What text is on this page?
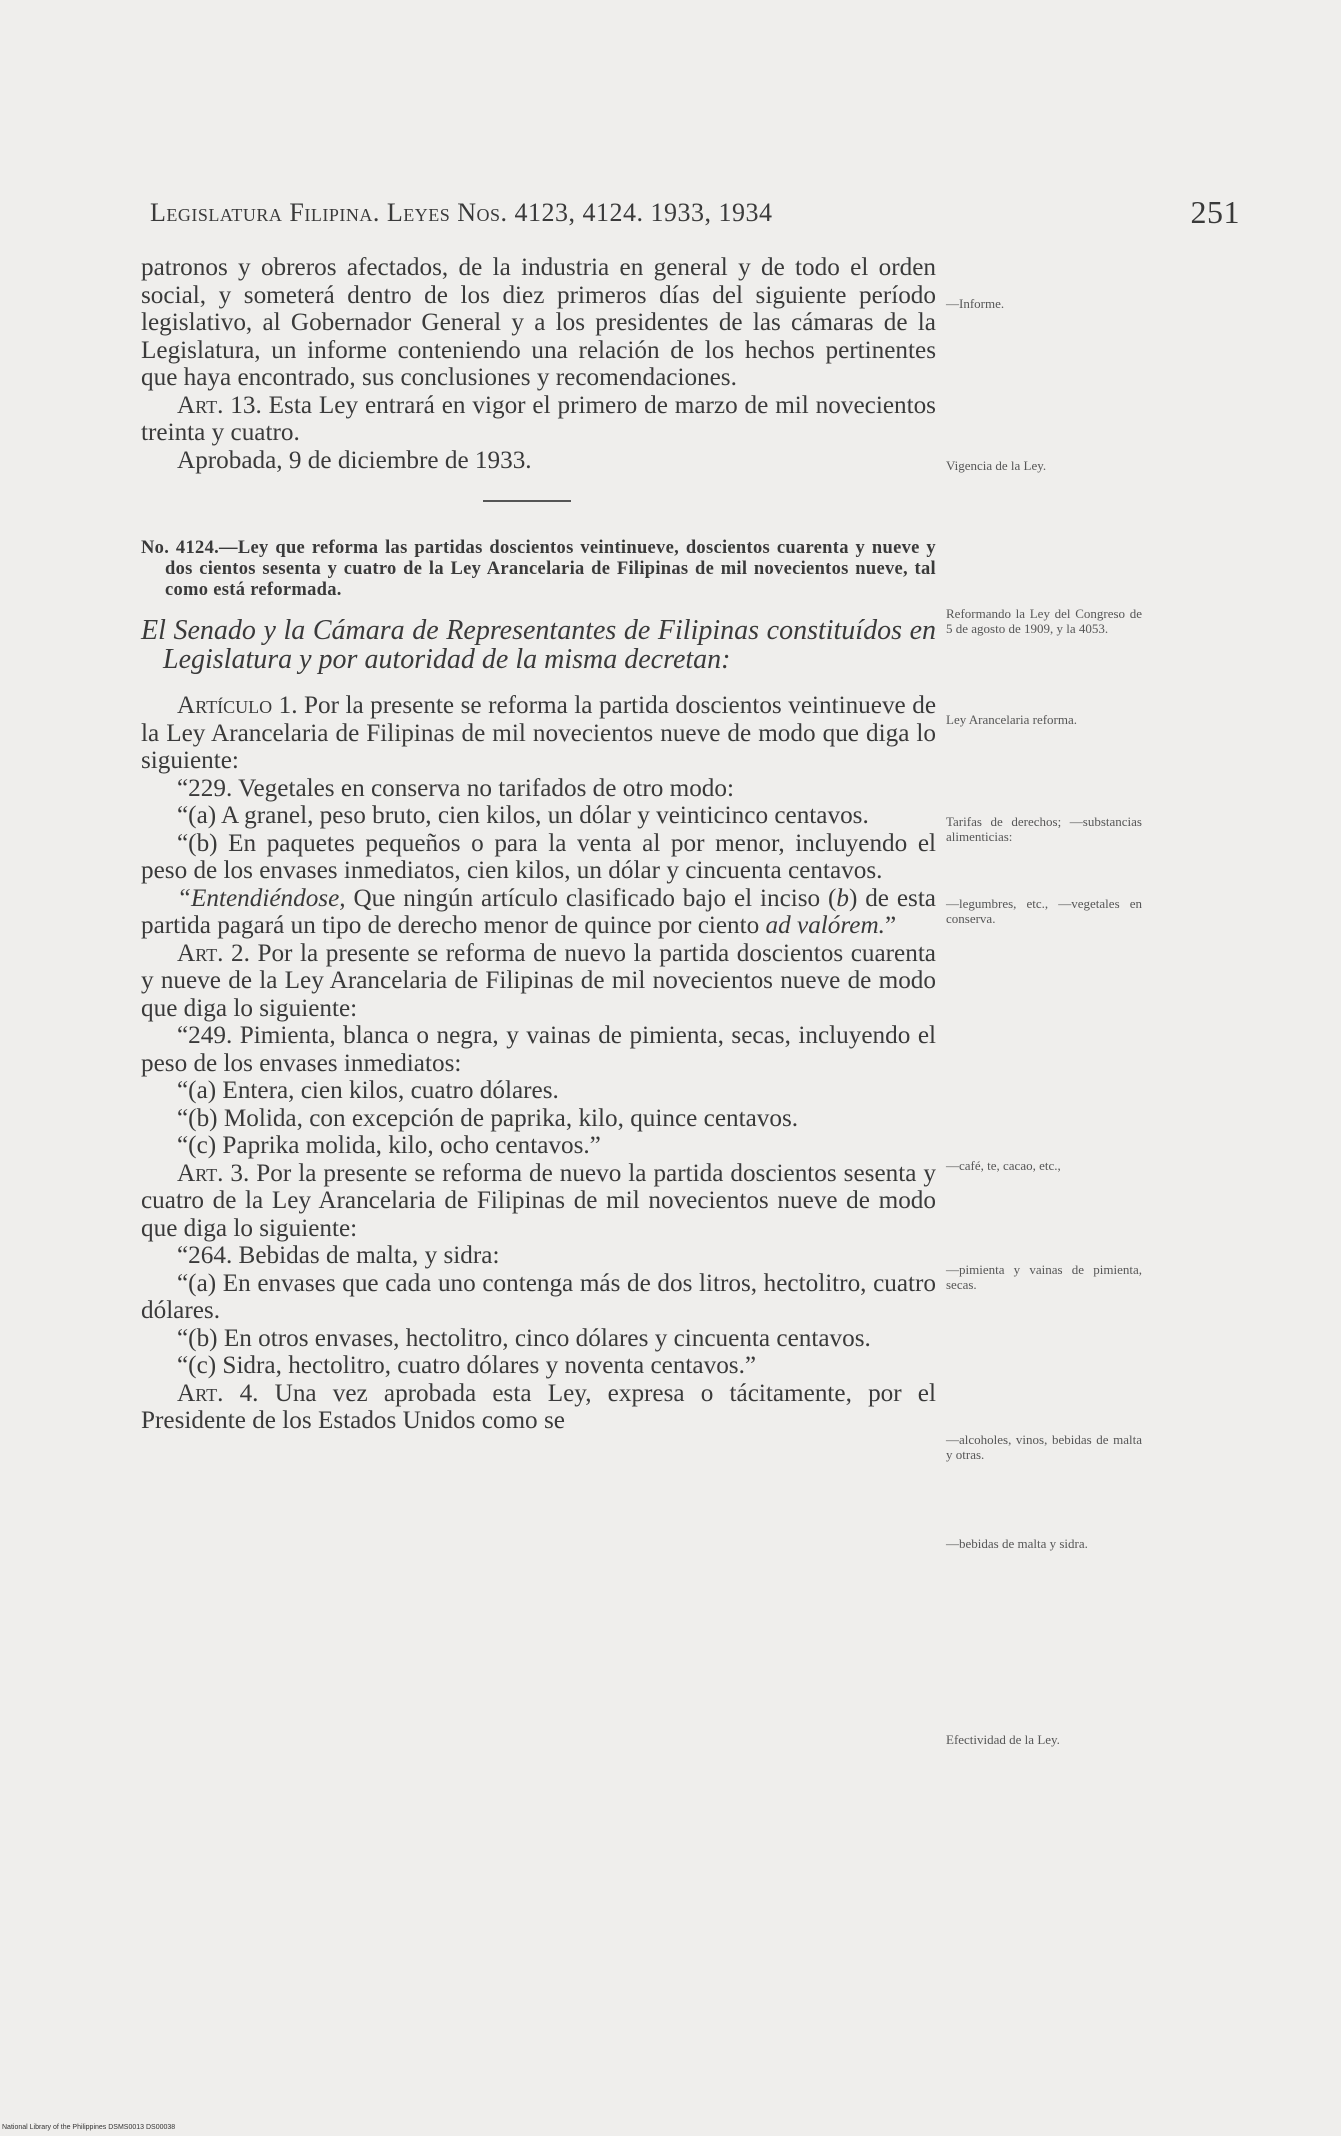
Legislatura Filipina. Leyes Nos. 4123, 4124. 1933, 1934	251

patronos y obreros afectados, de la industria en general y de todo el orden social, y someterá dentro de los diez primeros días del siguiente período legislativo, al Gobernador General y a los presidentes de las cámaras de la Legislatura, un informe conteniendo una relación de los hechos pertinentes que haya encontrado, sus conclusiones y recomendaciones.

Art. 13. Esta Ley entrará en vigor el primero de marzo de mil novecientos treinta y cuatro.

Aprobada, 9 de diciembre de 1933.

No. 4124.—Ley que reforma las partidas doscientos veintinueve, doscientos cuarenta y nueve y dos cientos sesenta y cuatro de la Ley Arancelaria de Filipinas de mil novecientos nueve, tal como está reformada.

El Senado y la Cámara de Representantes de Filipinas constituídos en Legislatura y por autoridad de la misma decretan:

Artículo 1. Por la presente se reforma la partida doscientos veintinueve de la Ley Arancelaria de Filipinas de mil novecientos nueve de modo que diga lo siguiente:

“229. Vegetales en conserva no tarifados de otro modo:

“(a) A granel, peso bruto, cien kilos, un dólar y veinticinco centavos.

“(b) En paquetes pequeños o para la venta al por menor, incluyendo el peso de los envases inmediatos, cien kilos, un dólar y cincuenta centavos.

“Entendiéndose, Que ningún artículo clasificado bajo el inciso (b) de esta partida pagará un tipo de derecho menor de quince por ciento ad valórem.”

Art. 2. Por la presente se reforma de nuevo la partida doscientos cuarenta y nueve de la Ley Arancelaria de Filipinas de mil novecientos nueve de modo que diga lo siguiente:

“249. Pimienta, blanca o negra, y vainas de pimienta, secas, incluyendo el peso de los envases inmediatos:

“(a) Entera, cien kilos, cuatro dólares.

“(b) Molida, con excepción de paprika, kilo, quince centavos.

“(c) Paprika molida, kilo, ocho centavos.”

Art. 3. Por la presente se reforma de nuevo la partida doscientos sesenta y cuatro de la Ley Arancelaria de Filipinas de mil novecientos nueve de modo que diga lo siguiente:

“264. Bebidas de malta, y sidra:

“(a) En envases que cada uno contenga más de dos litros, hectolitro, cuatro dólares.

“(b) En otros envases, hectolitro, cinco dólares y cincuenta centavos.

“(c) Sidra, hectolitro, cuatro dólares y noventa centavos.”

Art. 4. Una vez aprobada esta Ley, expresa o tácitamente, por el Presidente de los Estados Unidos como se

—Informe.
Vigencia de la Ley.
Reformando la Ley del Congreso de 5 de agosto de 1909, y la 4053.
Ley Arancelaria reforma.
Tarifas de derechos; —substancias alimenticias:
—legumbres, etc., —vegetales en conserva.
—café, te, cacao, etc.,
—pimienta y vainas de pimienta, secas.
—alcoholes, vinos, bebidas de malta y otras.
—bebidas de malta y sidra.
Efectividad de la Ley.
National Library of the Philippines DSMS0013 DS00038
